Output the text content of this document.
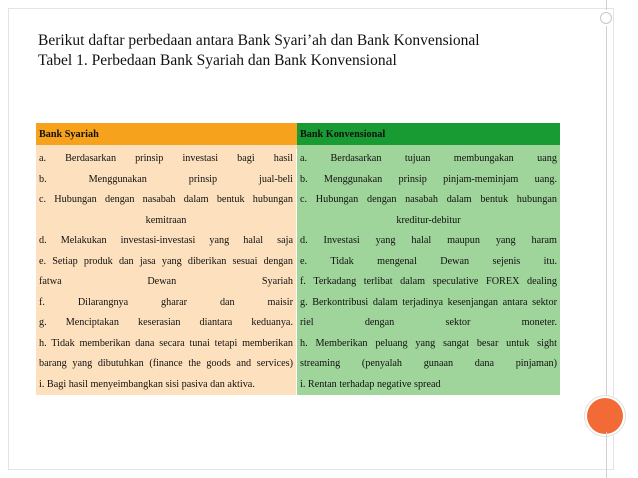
Berikut daftar perbedaan antara Bank Syari’ah dan Bank Konvensional
Tabel 1. Perbedaan Bank Syariah dan Bank Konvensional
Bank Syariah	Bank Konvensional
a. Berdasarkan prinsip investasi bagi hasil
b. Menggunakan prinsip jual-beli
c. Hubungan dengan nasabah dalam bentuk hubungan
kemitraan
d. Melakukan investasi-investasi yang halal saja
e. Setiap produk dan jasa yang diberikan sesuai dengan
fatwa Dewan Syariah
f. Dilarangnya gharar dan maisir
g. Menciptakan keserasian diantara keduanya.
h. Tidak memberikan dana secara tunai tetapi memberikan
barang yang dibutuhkan (finance the goods and services)
i. Bagi hasil menyeimbangkan sisi pasiva dan aktiva.
a. Berdasarkan tujuan membungakan uang
b. Menggunakan prinsip pinjam-meminjam uang.
c. Hubungan dengan nasabah dalam bentuk hubungan
kreditur-debitur
d. Investasi yang halal maupun yang haram
e. Tidak mengenal Dewan sejenis itu.
f. Terkadang terlibat dalam speculative FOREX dealing
g. Berkontribusi dalam terjadinya kesenjangan antara sektor
riel dengan sektor moneter.
h. Memberikan peluang yang sangat besar untuk sight
streaming (penyalah gunaan dana pinjaman)
i. Rentan terhadap negative spread
